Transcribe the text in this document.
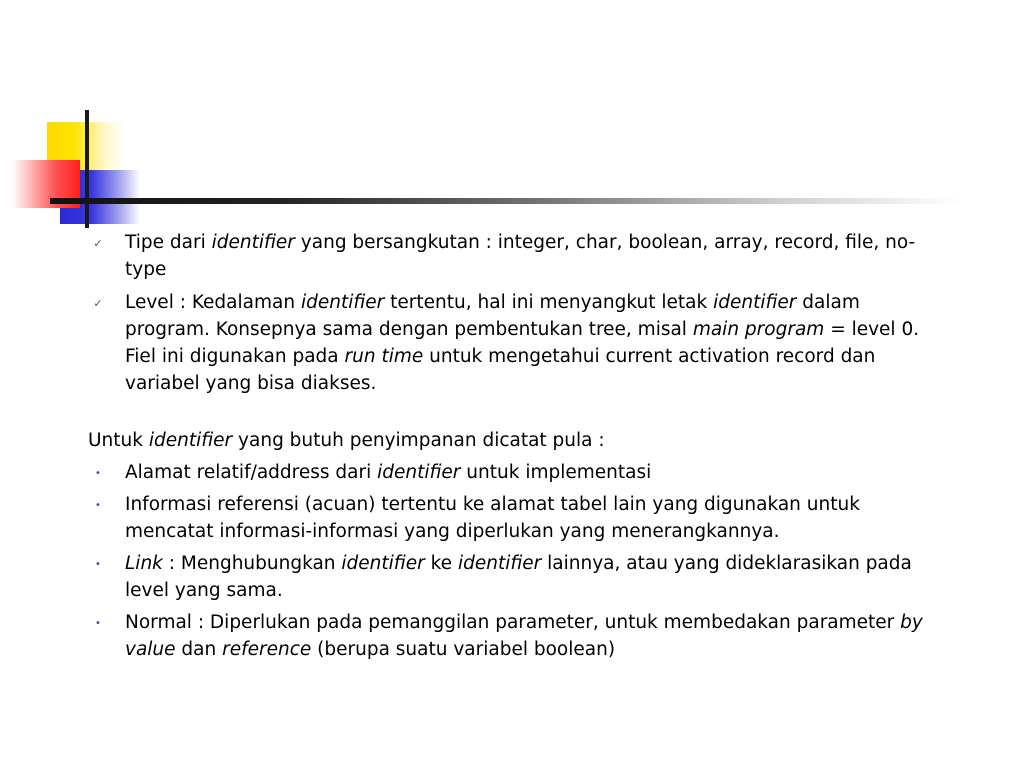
✓ Tipe dari identifier yang bersangkutan : integer, char, boolean, array, record, file, no-type
✓ Level : Kedalaman identifier tertentu, hal ini menyangkut letak identifier dalam program. Konsepnya sama dengan pembentukan tree, misal main program = level 0. Fiel ini digunakan pada run time untuk mengetahui current activation record dan variabel yang bisa diakses.
Untuk identifier yang butuh penyimpanan dicatat pula :
•	Alamat relatif/address dari identifier untuk implementasi
•	Informasi referensi (acuan) tertentu ke alamat tabel lain yang digunakan untuk mencatat informasi-informasi yang diperlukan yang menerangkannya.
•	Link : Menghubungkan identifier ke identifier lainnya, atau yang dideklarasikan pada level yang sama.
•	Normal : Diperlukan pada pemanggilan parameter, untuk membedakan parameter by value dan reference (berupa suatu variabel boolean)
